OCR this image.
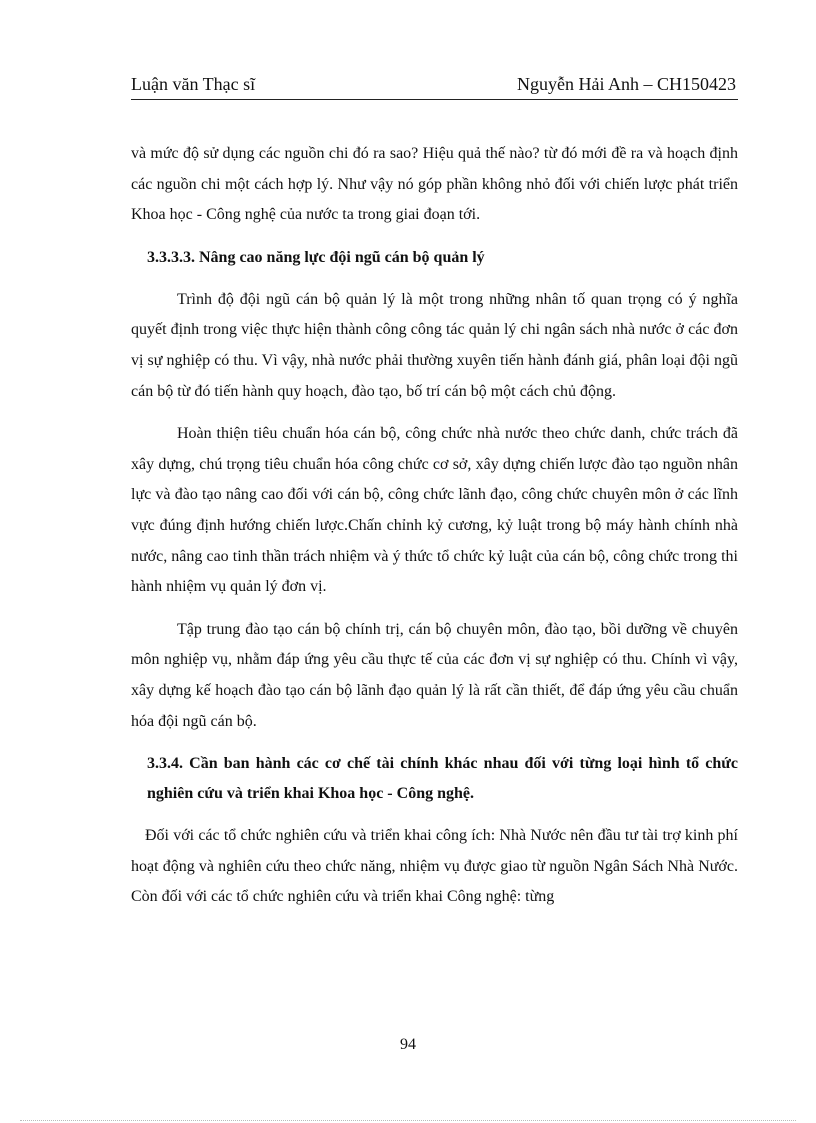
Luận văn Thạc sĩ	Nguyễn Hải Anh – CH150423

và mức độ sử dụng các nguồn chi đó ra sao? Hiệu quả thế nào? từ đó mới đề ra và hoạch định các nguồn chi một cách hợp lý. Như vậy nó góp phần không nhỏ đối với chiến lược phát triển Khoa học - Công nghệ của nước ta trong giai đoạn tới.

3.3.3.3. Nâng cao năng lực đội ngũ cán bộ quản lý

Trình độ đội ngũ cán bộ quản lý là một trong những nhân tố quan trọng có ý nghĩa quyết định trong việc thực hiện thành công công tác quản lý chi ngân sách nhà nước ở các đơn vị sự nghiệp có thu. Vì vậy, nhà nước phải thường xuyên tiến hành đánh giá, phân loại đội ngũ cán bộ từ đó tiến hành quy hoạch, đào tạo, bố trí cán bộ một cách chủ động.

Hoàn thiện tiêu chuẩn hóa cán bộ, công chức nhà nước theo chức danh, chức trách đã xây dựng, chú trọng tiêu chuẩn hóa công chức cơ sở, xây dựng chiến lược đào tạo nguồn nhân lực và đào tạo nâng cao đối với cán bộ, công chức lãnh đạo, công chức chuyên môn ở các lĩnh vực đúng định hướng chiến lược.Chấn chỉnh kỷ cương, kỷ luật trong bộ máy hành chính nhà nước, nâng cao tinh thần trách nhiệm và ý thức tổ chức kỷ luật của cán bộ, công chức trong thi hành nhiệm vụ quản lý đơn vị.

Tập trung đào tạo cán bộ chính trị, cán bộ chuyên môn, đào tạo, bồi dưỡng về chuyên môn nghiệp vụ, nhằm đáp ứng yêu cầu thực tế của các đơn vị sự nghiệp có thu. Chính vì vậy, xây dựng kế hoạch đào tạo cán bộ lãnh đạo quản lý là rất cần thiết, để đáp ứng yêu cầu chuẩn hóa đội ngũ cán bộ.

3.3.4. Cần ban hành các cơ chế tài chính khác nhau đối với từng loại hình tổ chức nghiên cứu và triển khai Khoa học - Công nghệ.

Đối với các tổ chức nghiên cứu và triển khai công ích: Nhà Nước nên đầu tư tài trợ kinh phí hoạt động và nghiên cứu theo chức năng, nhiệm vụ được giao từ nguồn Ngân Sách Nhà Nước. Còn đối với các tổ chức nghiên cứu và triển khai Công nghệ: từng

94
